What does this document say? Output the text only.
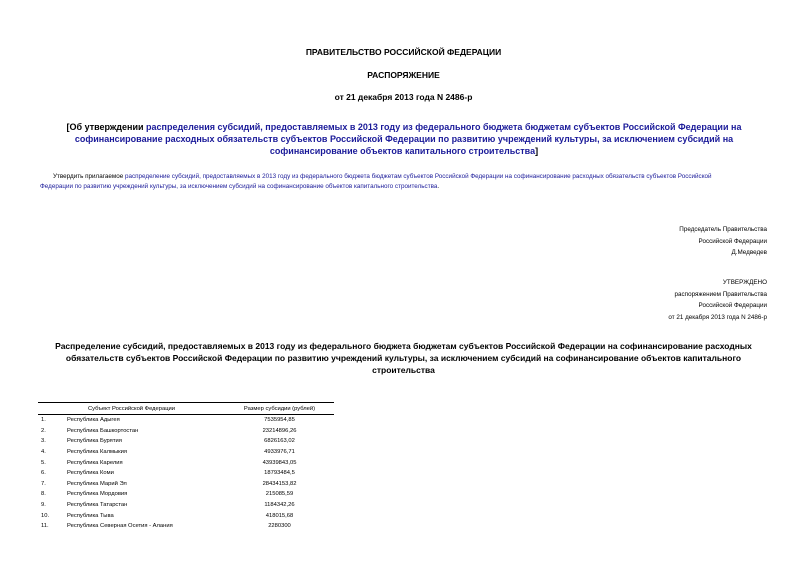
ПРАВИТЕЛЬСТВО РОССИЙСКОЙ ФЕДЕРАЦИИ
РАСПОРЯЖЕНИЕ
от 21 декабря 2013 года N 2486-р
[Об утверждении распределения субсидий, предоставляемых в 2013 году из федерального бюджета бюджетам субъектов Российской Федерации на софинансирование расходных обязательств субъектов Российской Федерации по развитию учреждений культуры, за исключением субсидий на софинансирование объектов капитального строительства]
Утвердить прилагаемое распределение субсидий, предоставляемых в 2013 году из федерального бюджета бюджетам субъектов Российской Федерации на софинансирование расходных обязательств субъектов Российской Федерации по развитию учреждений культуры, за исключением субсидий на софинансирование объектов капитального строительства.
Председатель Правительства
Российской Федерации
Д.Медведев
УТВЕРЖДЕНО
распоряжением Правительства
Российской Федерации
от 21 декабря 2013 года N 2486-р
Распределение субсидий, предоставляемых в 2013 году из федерального бюджета бюджетам субъектов Российской Федерации на софинансирование расходных обязательств субъектов Российской Федерации по развитию учреждений культуры, за исключением субсидий на софинансирование объектов капитального строительства
Субъект Российской Федерации		Размер субсидии (рублей)
1.	Республика Адыгея	7535954,85
2.	Республика Башкортостан	23214896,26
3.	Республика Бурятия	6826163,02
4.	Республика Калмыкия	4933976,71
5.	Республика Карелия	43939843,05
6.	Республика Коми	18793484,5
7.	Республика Марий Эл	28434153,82
8.	Республика Мордовия	215085,59
9.	Республика Татарстан	1184342,26
10.	Республика Тыва	418015,68
11.	Республика Северная Осетия - Алания	2280300
